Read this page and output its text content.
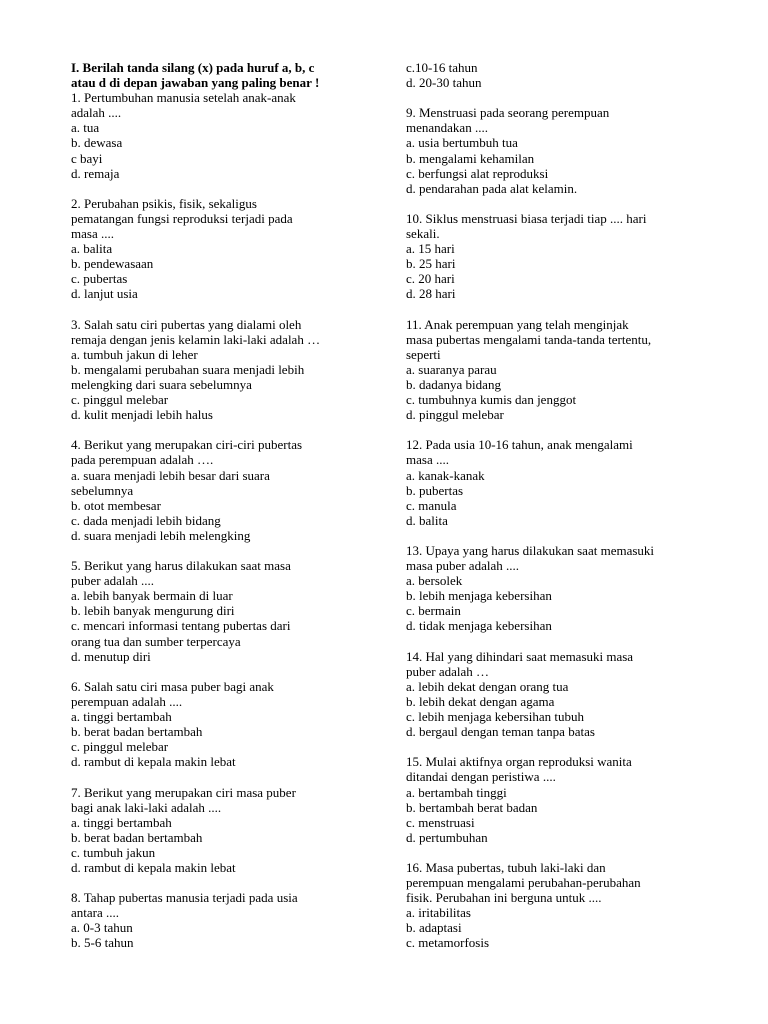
I. Berilah tanda silang (x) pada huruf a, b, c
atau d di depan jawaban yang paling benar !
1. Pertumbuhan manusia setelah anak-anak
adalah ....
a. tua
b. dewasa
c bayi
d. remaja
2. Perubahan psikis, fisik, sekaligus
pematangan fungsi reproduksi terjadi pada
masa ....
a. balita
b. pendewasaan
c. pubertas
d. lanjut usia
3. Salah satu ciri pubertas yang dialami oleh
remaja dengan jenis kelamin laki-laki adalah …
a. tumbuh jakun di leher
b. mengalami perubahan suara menjadi lebih
melengking dari suara sebelumnya
c. pinggul melebar
d. kulit menjadi lebih halus
4. Berikut yang merupakan ciri-ciri pubertas
pada perempuan adalah ….
a. suara menjadi lebih besar dari suara
sebelumnya
b. otot membesar
c. dada menjadi lebih bidang
d. suara menjadi lebih melengking
5. Berikut yang harus dilakukan saat masa
puber adalah ....
a. lebih banyak bermain di luar
b. lebih banyak mengurung diri
c. mencari informasi tentang pubertas dari
orang tua dan sumber terpercaya
d. menutup diri
6. Salah satu ciri masa puber bagi anak
perempuan adalah ....
a. tinggi bertambah
b. berat badan bertambah
c. pinggul melebar
d. rambut di kepala makin lebat
7. Berikut yang merupakan ciri masa puber
bagi anak laki-laki adalah ....
a. tinggi bertambah
b. berat badan bertambah
c. tumbuh jakun
d. rambut di kepala makin lebat
8. Tahap pubertas manusia terjadi pada usia
antara ....
a. 0-3 tahun
b. 5-6 tahun
c.10-16 tahun
d. 20-30 tahun
9. Menstruasi pada seorang perempuan
menandakan ....
a. usia bertumbuh tua
b. mengalami kehamilan
c. berfungsi alat reproduksi
d. pendarahan pada alat kelamin.
10. Siklus menstruasi biasa terjadi tiap .... hari
sekali.
a. 15 hari
b. 25 hari
c. 20 hari
d. 28 hari
11. Anak perempuan yang telah menginjak
masa pubertas mengalami tanda-tanda tertentu,
seperti
a. suaranya parau
b. dadanya bidang
c. tumbuhnya kumis dan jenggot
d. pinggul melebar
12. Pada usia 10-16 tahun, anak mengalami
masa ....
a. kanak-kanak
b. pubertas
c. manula
d. balita
13. Upaya yang harus dilakukan saat memasuki
masa puber adalah ....
a. bersolek
b. lebih menjaga kebersihan
c. bermain
d. tidak menjaga kebersihan
14. Hal yang dihindari saat memasuki masa
puber adalah …
a. lebih dekat dengan orang tua
b. lebih dekat dengan agama
c. lebih menjaga kebersihan tubuh
d. bergaul dengan teman tanpa batas
15. Mulai aktifnya organ reproduksi wanita
ditandai dengan peristiwa ....
a. bertambah tinggi
b. bertambah berat badan
c. menstruasi
d. pertumbuhan
16. Masa pubertas, tubuh laki-laki dan
perempuan mengalami perubahan-perubahan
fisik. Perubahan ini berguna untuk ....
a. iritabilitas
b. adaptasi
c. metamorfosis
